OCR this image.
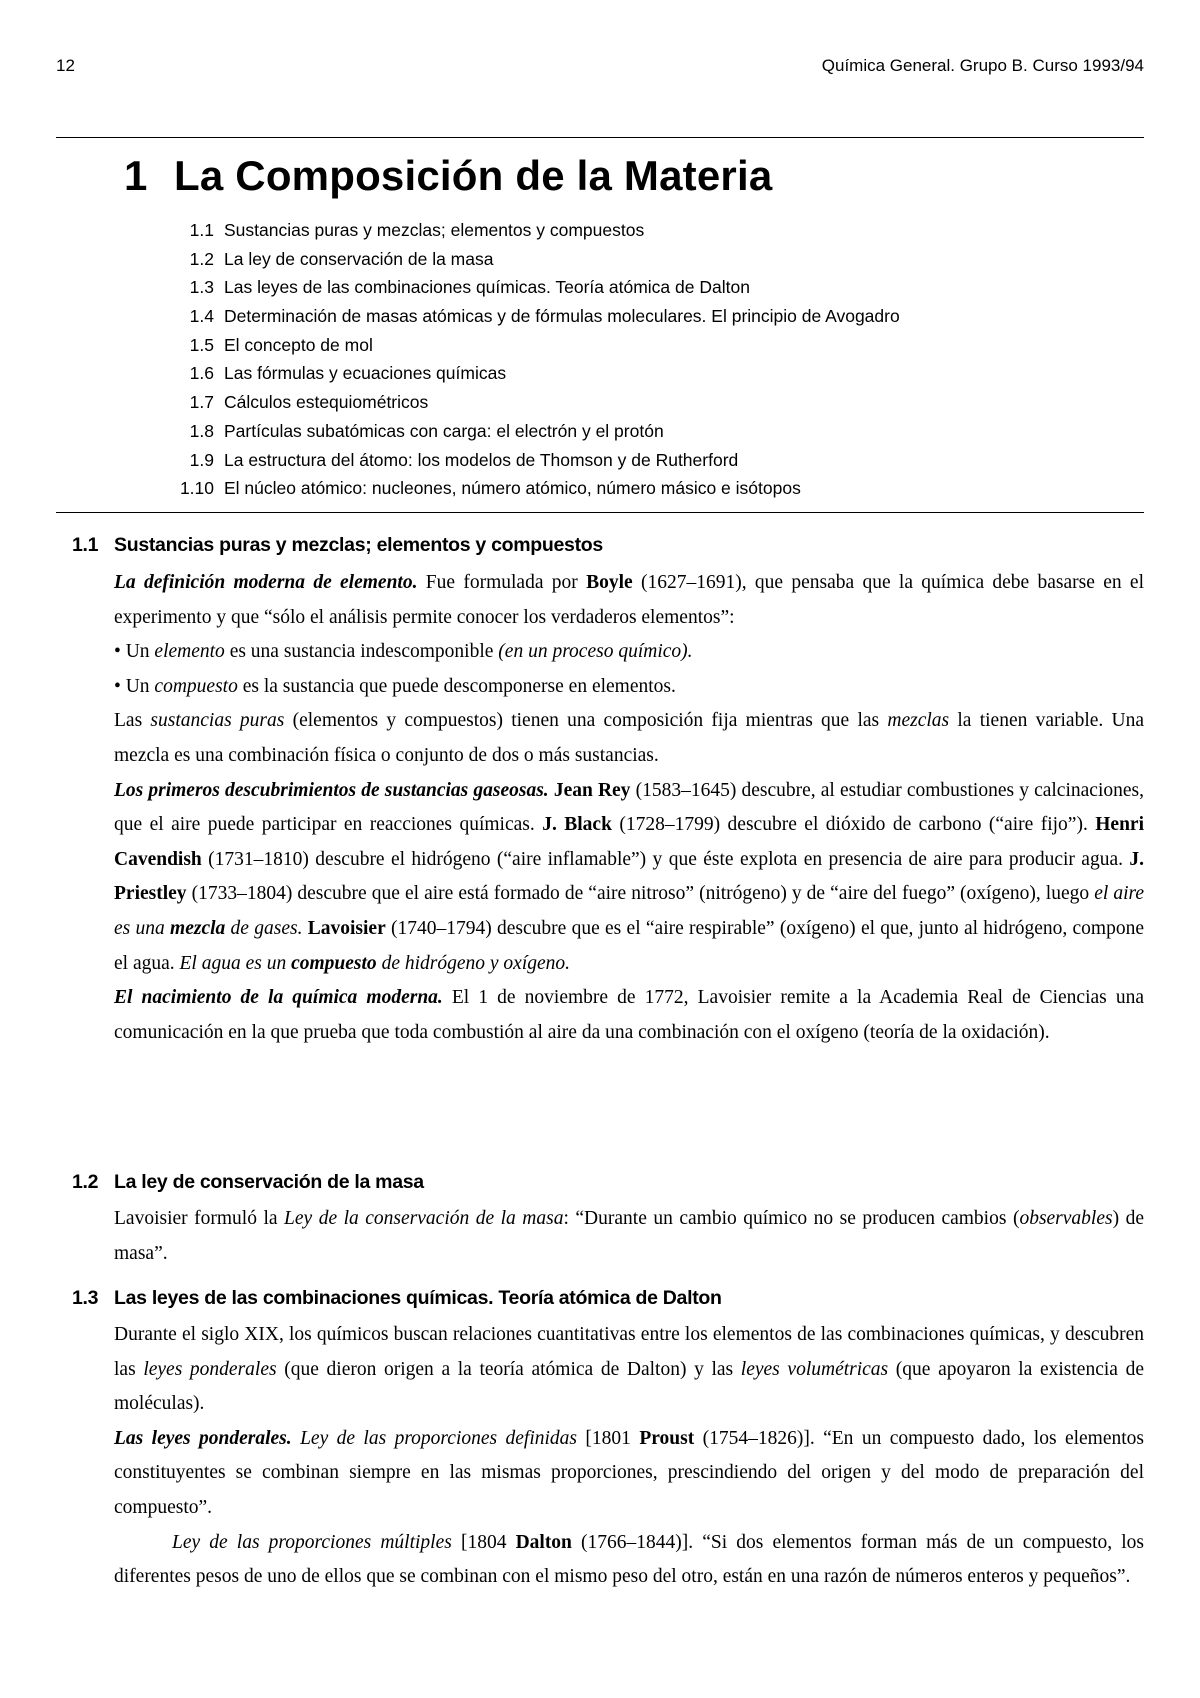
12	Química General. Grupo B. Curso 1993/94
1 La Composición de la Materia
1.1 Sustancias puras y mezclas; elementos y compuestos
1.2 La ley de conservación de la masa
1.3 Las leyes de las combinaciones químicas. Teoría atómica de Dalton
1.4 Determinación de masas atómicas y de fórmulas moleculares. El principio de Avogadro
1.5 El concepto de mol
1.6 Las fórmulas y ecuaciones químicas
1.7 Cálculos estequiométricos
1.8 Partículas subatómicas con carga: el electrón y el protón
1.9 La estructura del átomo: los modelos de Thomson y de Rutherford
1.10 El núcleo atómico: nucleones, número atómico, número másico e isótopos
1.1 Sustancias puras y mezclas; elementos y compuestos

La definición moderna de elemento. Fue formulada por Boyle (1627–1691), que pensaba que la química debe basarse en el experimento y que “sólo el análisis permite conocer los verdaderos elementos”:

• Un elemento es una sustancia indescomponible (en un proceso químico).

• Un compuesto es la sustancia que puede descomponerse en elementos.

Las sustancias puras (elementos y compuestos) tienen una composición fija mientras que las mezclas la tienen variable. Una mezcla es una combinación física o conjunto de dos o más sustancias.

Los primeros descubrimientos de sustancias gaseosas. Jean Rey (1583–1645) descubre, al estudiar combustiones y calcinaciones, que el aire puede participar en reacciones químicas. J. Black (1728–1799) descubre el dióxido de carbono (“aire fijo”). Henri Cavendish (1731–1810) descubre el hidrógeno (“aire inflamable”) y que éste explota en presencia de aire para producir agua. J. Priestley (1733–1804) descubre que el aire está formado de “aire nitroso” (nitrógeno) y de “aire del fuego” (oxígeno), luego el aire es una mezcla de gases. Lavoisier (1740–1794) descubre que es el “aire respirable” (oxígeno) el que, junto al hidrógeno, compone el agua. El agua es un compuesto de hidrógeno y oxígeno.

El nacimiento de la química moderna. El 1 de noviembre de 1772, Lavoisier remite a la Academia Real de Ciencias una comunicación en la que prueba que toda combustión al aire da una combinación con el oxígeno (teoría de la oxidación).

1.2 La ley de conservación de la masa

Lavoisier formuló la Ley de la conservación de la masa: “Durante un cambio químico no se producen cambios (observables) de masa”.

1.3 Las leyes de las combinaciones químicas. Teoría atómica de Dalton

Durante el siglo XIX, los químicos buscan relaciones cuantitativas entre los elementos de las combinaciones químicas, y descubren las leyes ponderales (que dieron origen a la teoría atómica de Dalton) y las leyes volumétricas (que apoyaron la existencia de moléculas).

Las leyes ponderales. Ley de las proporciones definidas [1801 Proust (1754–1826)]. “En un compuesto dado, los elementos constituyentes se combinan siempre en las mismas proporciones, prescindiendo del origen y del modo de preparación del compuesto”.

Ley de las proporciones múltiples [1804 Dalton (1766–1844)]. “Si dos elementos forman más de un compuesto, los diferentes pesos de uno de ellos que se combinan con el mismo peso del otro, están en una razón de números enteros y pequeños”.
